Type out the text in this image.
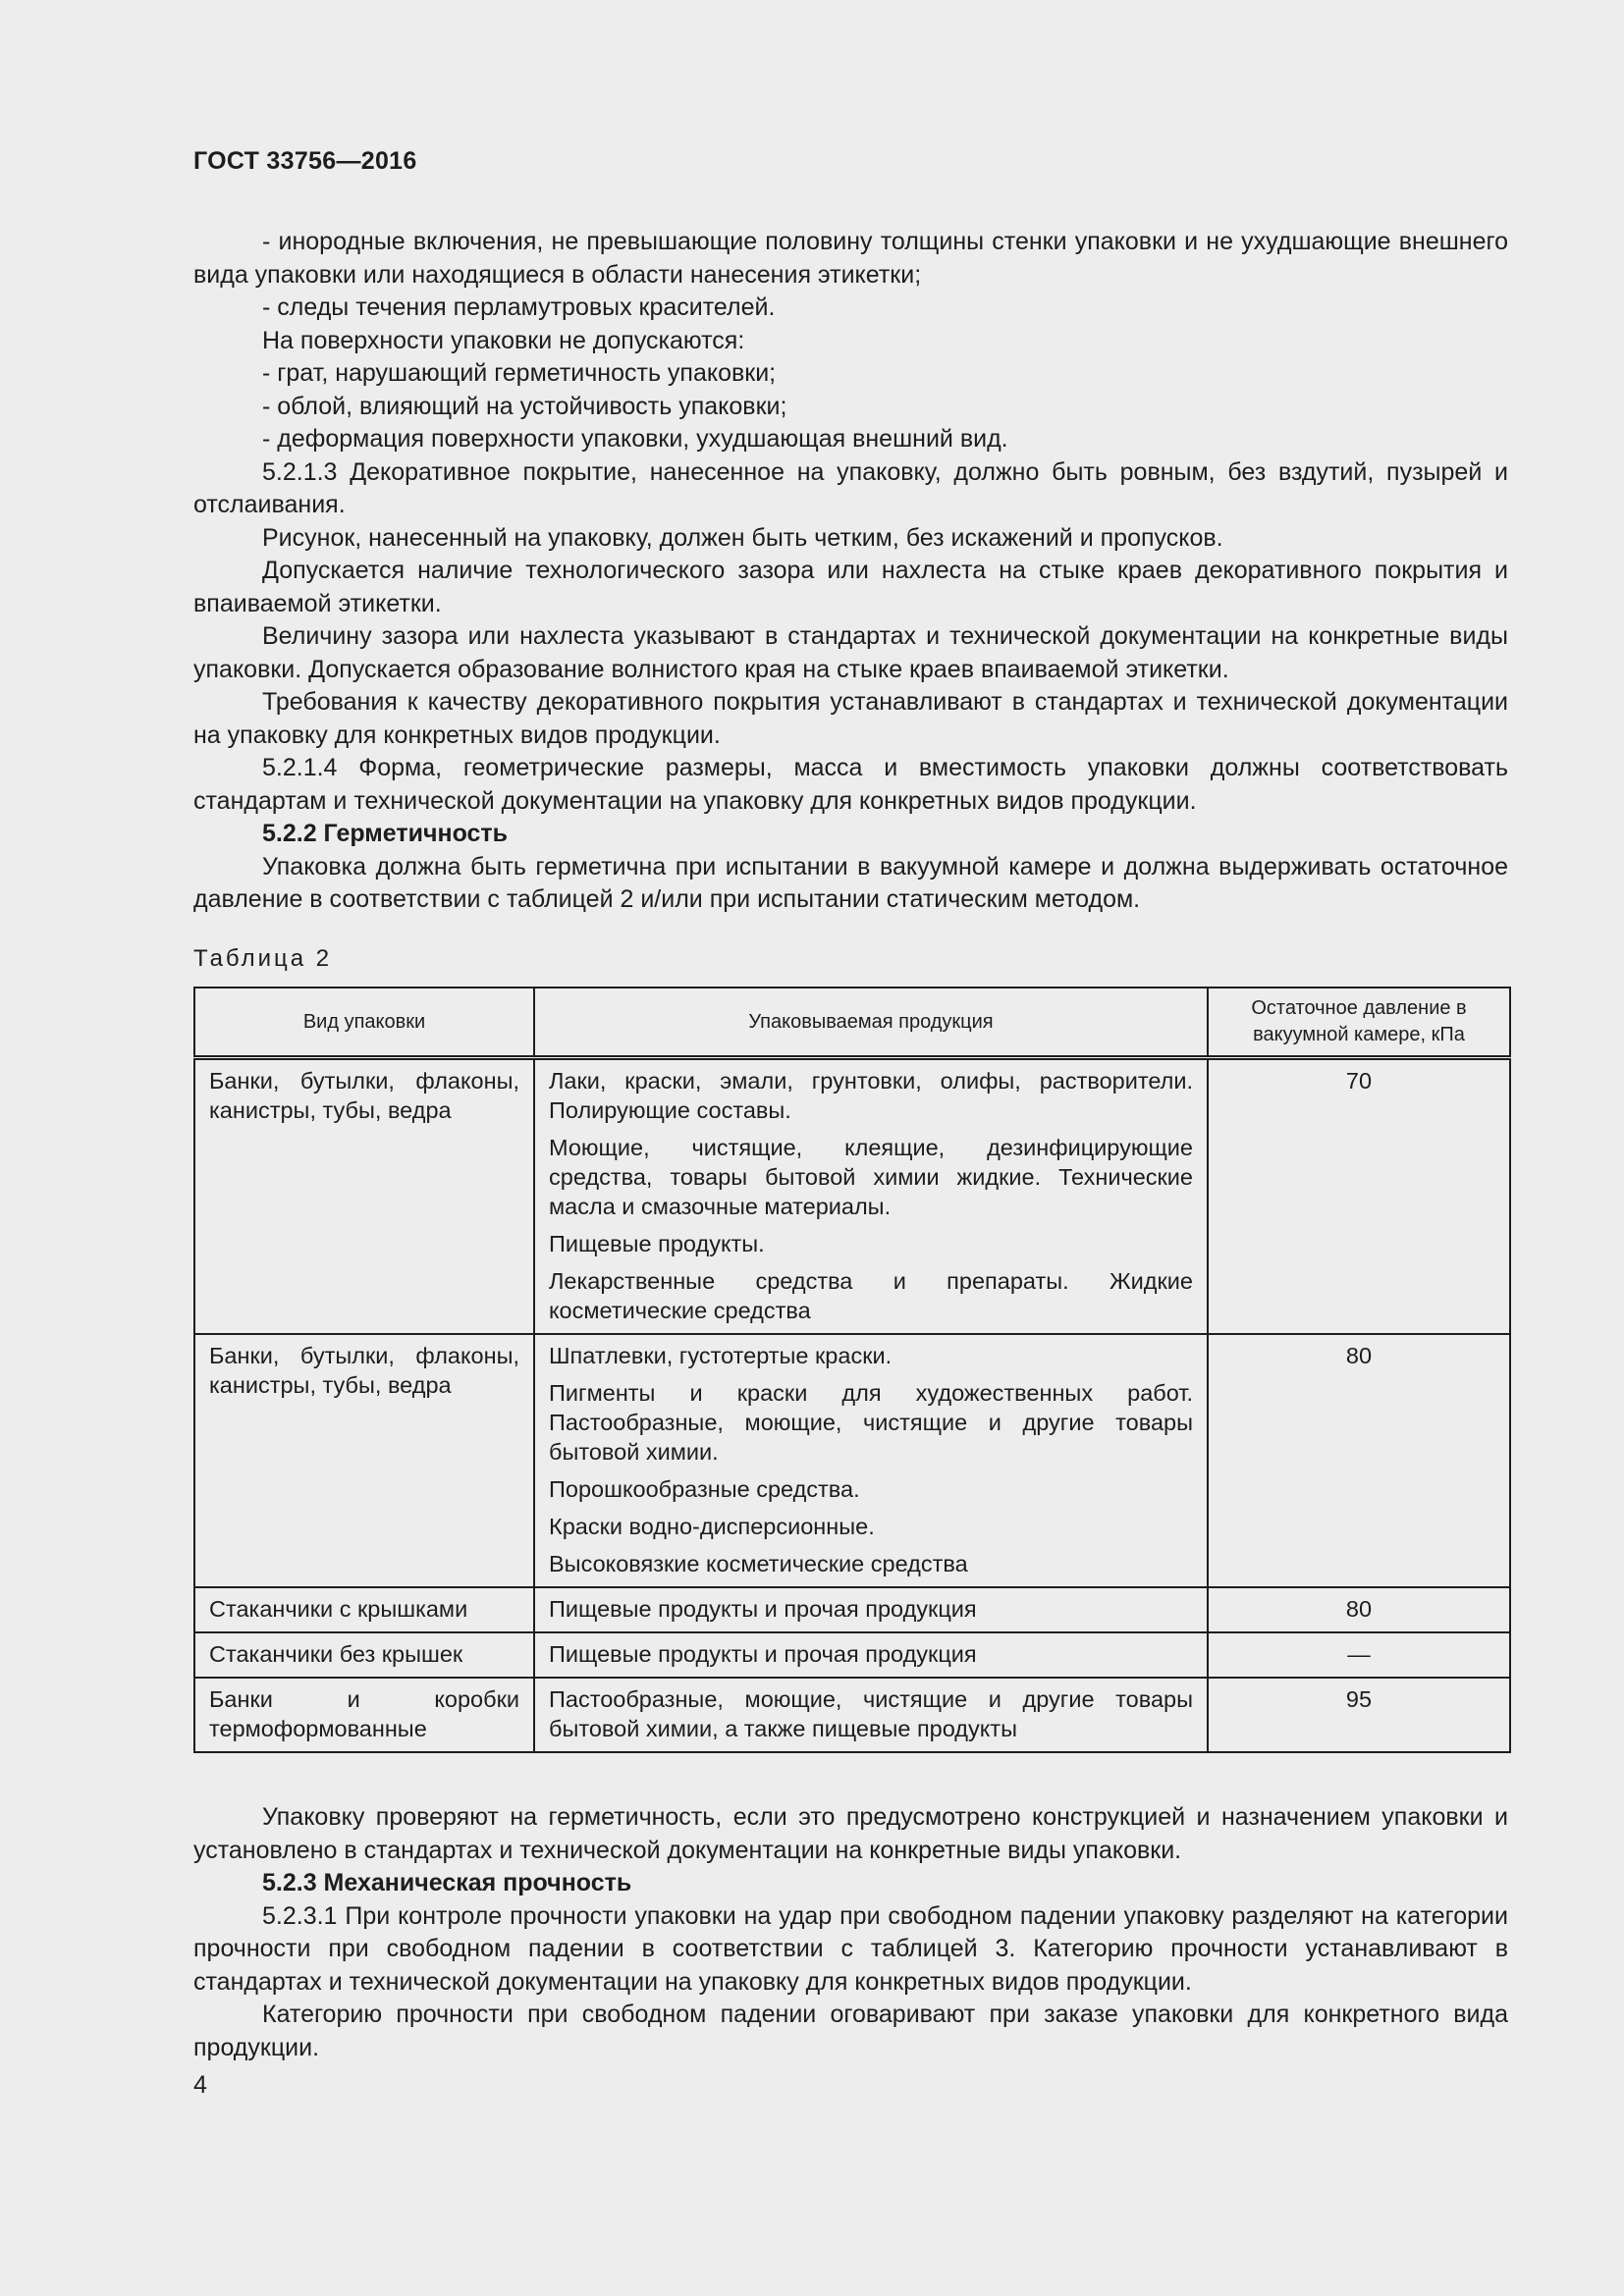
ГОСТ 33756—2016

- инородные включения, не превышающие половину толщины стенки упаковки и не ухудшающие внешнего вида упаковки или находящиеся в области нанесения этикетки;

- следы течения перламутровых красителей.

На поверхности упаковки не допускаются:

- грат, нарушающий герметичность упаковки;

- облой, влияющий на устойчивость упаковки;

- деформация поверхности упаковки, ухудшающая внешний вид.

5.2.1.3 Декоративное покрытие, нанесенное на упаковку, должно быть ровным, без вздутий, пузырей и отслаивания.

Рисунок, нанесенный на упаковку, должен быть четким, без искажений и пропусков.

Допускается наличие технологического зазора или нахлеста на стыке краев декоративного покрытия и впаиваемой этикетки.

Величину зазора или нахлеста указывают в стандартах и технической документации на конкретные виды упаковки. Допускается образование волнистого края на стыке краев впаиваемой этикетки.

Требования к качеству декоративного покрытия устанавливают в стандартах и технической документации на упаковку для конкретных видов продукции.

5.2.1.4 Форма, геометрические размеры, масса и вместимость упаковки должны соответствовать стандартам и технической документации на упаковку для конкретных видов продукции.

5.2.2 Герметичность

Упаковка должна быть герметична при испытании в вакуумной камере и должна выдерживать остаточное давление в соответствии с таблицей 2 и/или при испытании статическим методом.

Таблица 2
Вид упаковки	Упаковываемая продукция	Остаточное давление в вакуумной камере, кПа
Банки, бутылки, флаконы, канистры, тубы, ведра	Лаки, краски, эмали, грунтовки, олифы, растворители. Полирующие составы.

Моющие, чистящие, клеящие, дезинфицирующие средства, товары бытовой химии жидкие. Технические масла и смазочные материалы.

Пищевые продукты.

Лекарственные средства и препараты. Жидкие косметические средства	70
Банки, бутылки, флаконы, канистры, тубы, ведра	Шпатлевки, густотертые краски.

Пигменты и краски для художественных работ. Пастообразные, моющие, чистящие и другие товары бытовой химии.

Порошкообразные средства.

Краски водно-дисперсионные.

Высоковязкие косметические средства	80
Стаканчики с крышками	Пищевые продукты и прочая продукция	80
Стаканчики без крышек	Пищевые продукты и прочая продукция	—
Банки и коробки термоформованные	Пастообразные, моющие, чистящие и другие товары бытовой химии, а также пищевые продукты	95

Упаковку проверяют на герметичность, если это предусмотрено конструкцией и назначением упаковки и установлено в стандартах и технической документации на конкретные виды упаковки.

5.2.3 Механическая прочность

5.2.3.1 При контроле прочности упаковки на удар при свободном падении упаковку разделяют на категории прочности при свободном падении в соответствии с таблицей 3. Категорию прочности устанавливают в стандартах и технической документации на упаковку для конкретных видов продукции.

Категорию прочности при свободном падении оговаривают при заказе упаковки для конкретного вида продукции.

4
